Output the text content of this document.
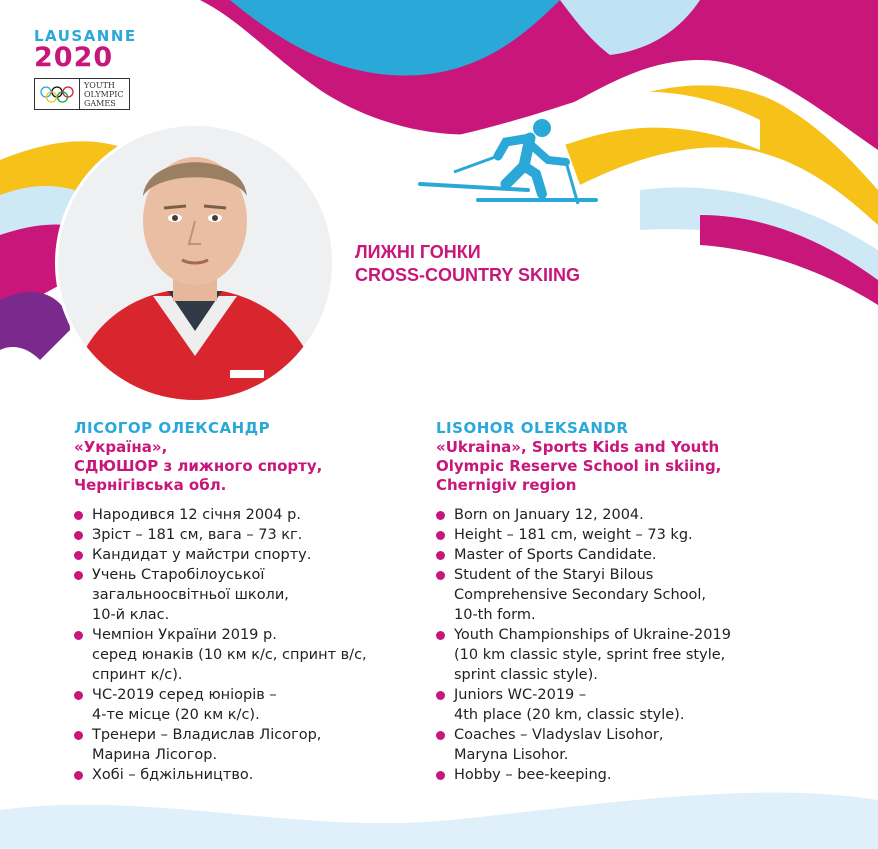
LAUSANNE
2020
YOUTH
OLYMPIC
GAMES
ЛИЖНІ ГОНКИ
CROSS-COUNTRY SKIING
ЛІСОГОР ОЛЕКСАНДР
«Україна»,
СДЮШОР з лижного спорту,
Чернігівська обл.
Народився 12 січня 2004 р.
Зріст – 181 см, вага – 73 кг.
Кандидат у майстри спорту.
Учень Старобілоуської
загальноосвітньої школи,
10-й клас.
Чемпіон України 2019 р.
серед юнаків (10 км к/с, спринт в/с,
спринт к/с).
ЧС-2019 серед юніорів –
4-те місце (20 км к/с).
Тренери – Владислав Лісогор,
Марина Лісогор.
Хобі – бджільництво.
LISOHOR OLEKSANDR
«Ukraina», Sports Kids and Youth
Olympic Reserve School in skiing,
Chernigiv region
Born on January 12, 2004.
Height – 181 cm, weight – 73 kg.
Master of Sports Candidate.
Student of the Staryi Bilous
Comprehensive Secondary School,
10-th form.
Youth Championships of Ukraine-2019
(10 km classic style, sprint free style,
sprint classic style).
Juniors WC-2019 –
4th place (20 km, classic style).
Coaches – Vladyslav Lisohor,
Maryna Lisohor.
Hobby – bee-keeping.
